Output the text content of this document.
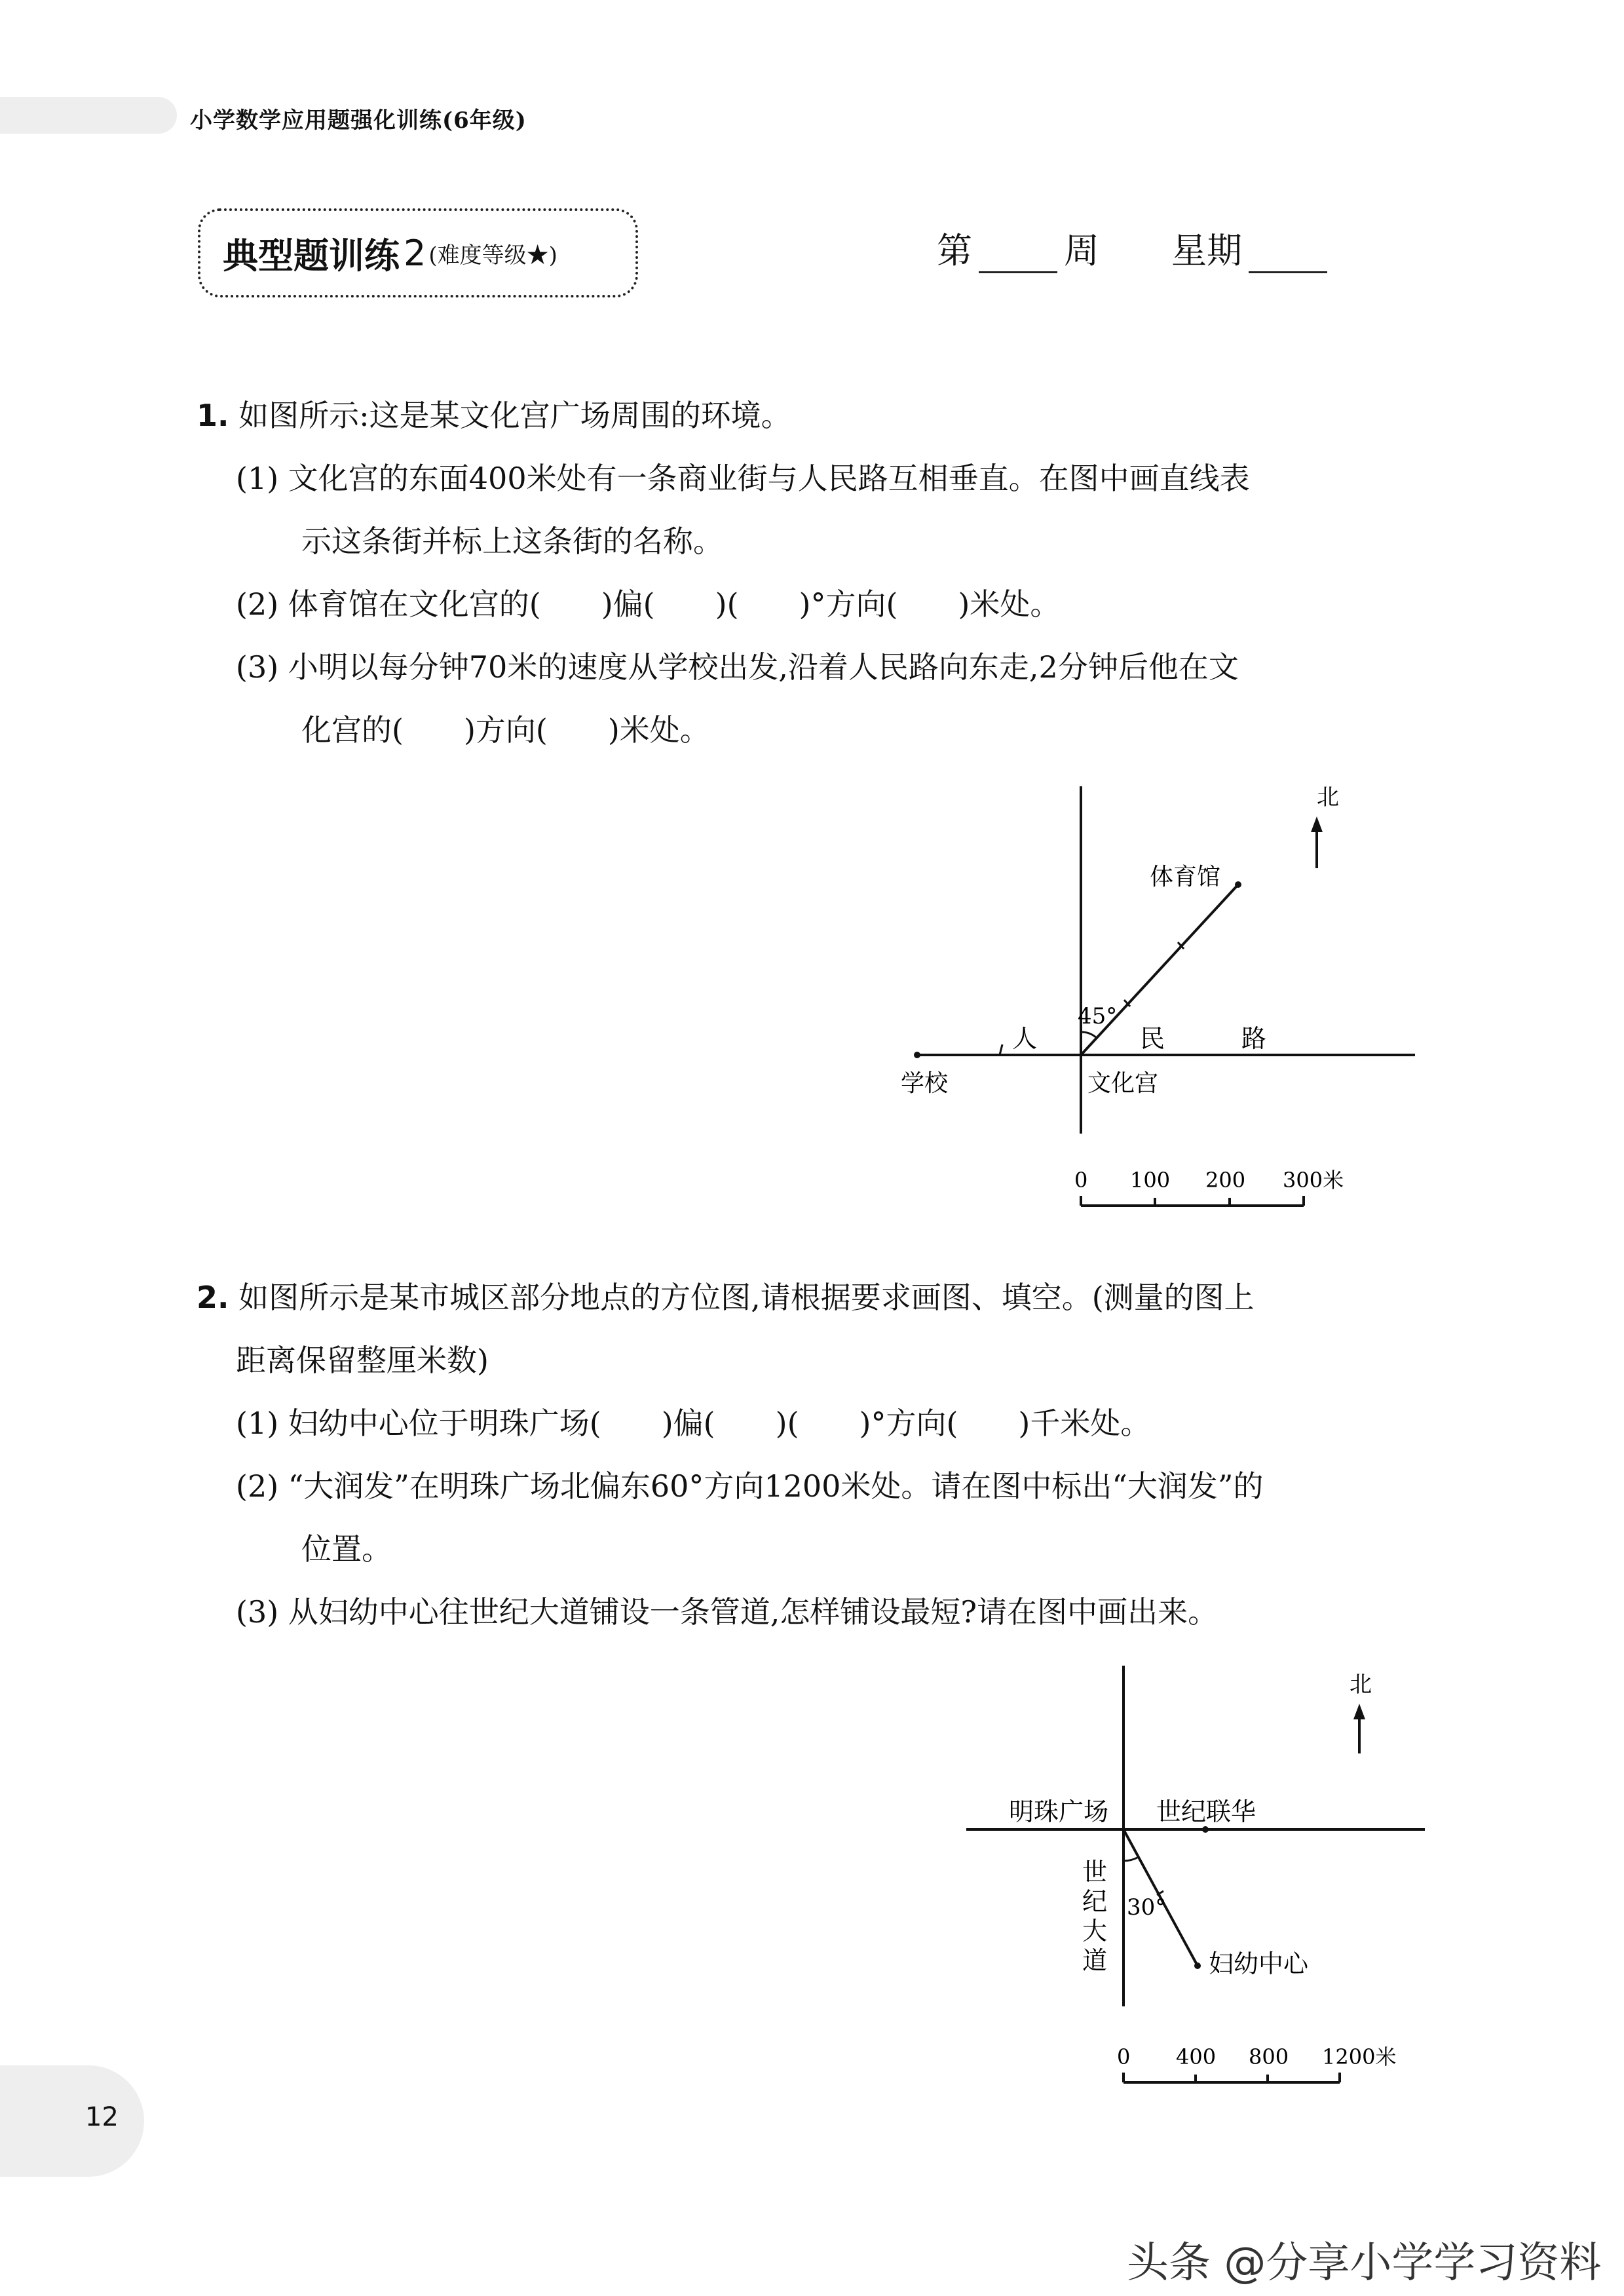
小学数学应用题强化训练(6年级)
典型题训练 2 (难度等级★)	第	周 星期
1. 如图所示:这是某文化宫广场周围的环境。
(1) 文化宫的东面400米处有一条商业街与人民路互相垂直。在图中画直线表
示这条街并标上这条街的名称。
(2) 体育馆在文化宫的(　　)偏(　　)(　　)°方向(　　)米处。
(3) 小明以每分钟70米的速度从学校出发,沿着人民路向东走,2分钟后他在文
化宫的(　　)方向(　　)米处。
北
体育馆
45°
人	民	路
学校	文化宫
0 100 200 300米
2. 如图所示是某市城区部分地点的方位图,请根据要求画图、填空。(测量的图上
距离保留整厘米数)
(1) 妇幼中心位于明珠广场(　　)偏(　　)(　　)°方向(　　)千米处。
(2) “大润发”在明珠广场北偏东60°方向1200米处。请在图中标出“大润发”的
位置。
(3) 从妇幼中心往世纪大道铺设一条管道,怎样铺设最短?请在图中画出来。
北
明珠广场 世纪联华
世
纪
大
道
30°
妇幼中心
0 400 800 1200米
12
头条 @分享小学学习资料
